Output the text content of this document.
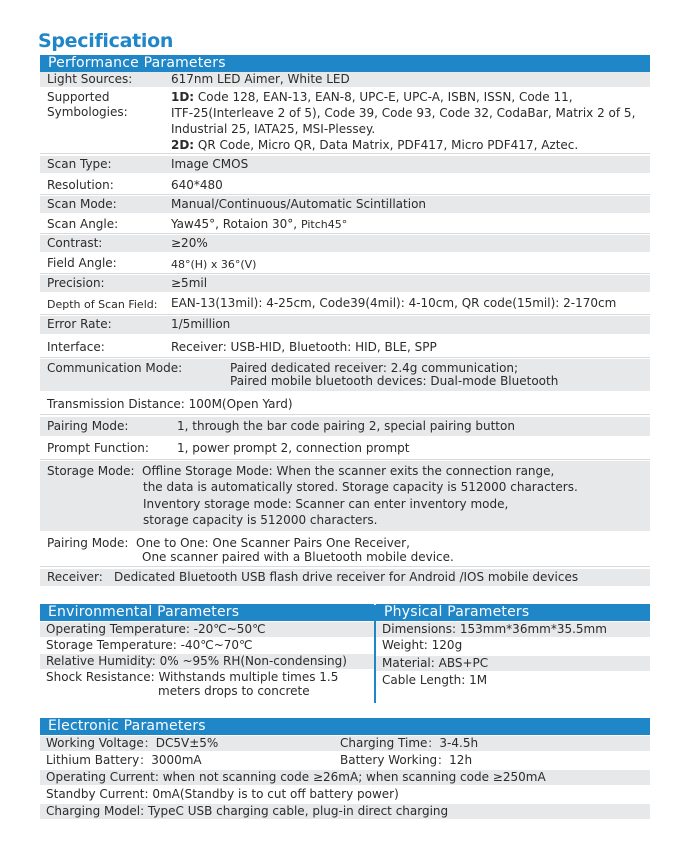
Specification
Performance Parameters
Light Sources:	617nm LED Aimer, White LED
Supported
Symbologies:
1D: Code 128, EAN-13, EAN-8, UPC-E, UPC-A, ISBN, ISSN, Code 11,
ITF-25(Interleave 2 of 5), Code 39, Code 93, Code 32, CodaBar, Matrix 2 of 5,
Industrial 25, IATA25, MSI-Plessey.
2D: QR Code, Micro QR, Data Matrix, PDF417, Micro PDF417, Aztec.
Scan Type:	Image CMOS
Resolution:	640*480
Scan Mode:	Manual/Continuous/Automatic Scintillation
Scan Angle:	Yaw45°, Rotaion 30°, Pitch45°
Contrast:	≥20%
Field Angle:	48°(H) x 36°(V)
Precision:	≥5mil
Depth of Scan Field: EAN-13(13mil): 4-25cm, Code39(4mil): 4-10cm, QR code(15mil): 2-170cm
Error Rate:	1/5million
Interface:	Receiver: USB-HID, Bluetooth: HID, BLE, SPP
Communication Mode:	Paired dedicated receiver: 2.4g communication;
Paired mobile bluetooth devices: Dual-mode Bluetooth
Transmission Distance: 100M(Open Yard)
Pairing Mode:	1, through the bar code pairing 2, special pairing button
Prompt Function: 1, power prompt 2, connection prompt
Storage Mode: Offline Storage Mode: When the scanner exits the connection range,
the data is automatically stored. Storage capacity is 512000 characters.
Inventory storage mode: Scanner can enter inventory mode,
storage capacity is 512000 characters.
Pairing Mode: One to One: One Scanner Pairs One Receiver,
One scanner paired with a Bluetooth mobile device.
Receiver: Dedicated Bluetooth USB flash drive receiver for Android /IOS mobile devices
Environmental Parameters	Physical Parameters
Operating Temperature: -20℃~50℃
Storage Temperature: -40℃~70℃
Relative Humidity: 0% ~95% RH(Non-condensing)
Shock Resistance: Withstands multiple times 1.5
meters drops to concrete
Dimensions: 153mm*36mm*35.5mm
Weight: 120g
Material: ABS+PC
Cable Length: 1M
Electronic Parameters
Working Voltage：DC5V±5%	Charging Time：3-4.5h
Lithium Battery：3000mA	Battery Working：12h
Operating Current: when not scanning code ≥26mA; when scanning code ≥250mA
Standby Current: 0mA(Standby is to cut off battery power)
Charging Model: TypeC USB charging cable, plug-in direct charging
